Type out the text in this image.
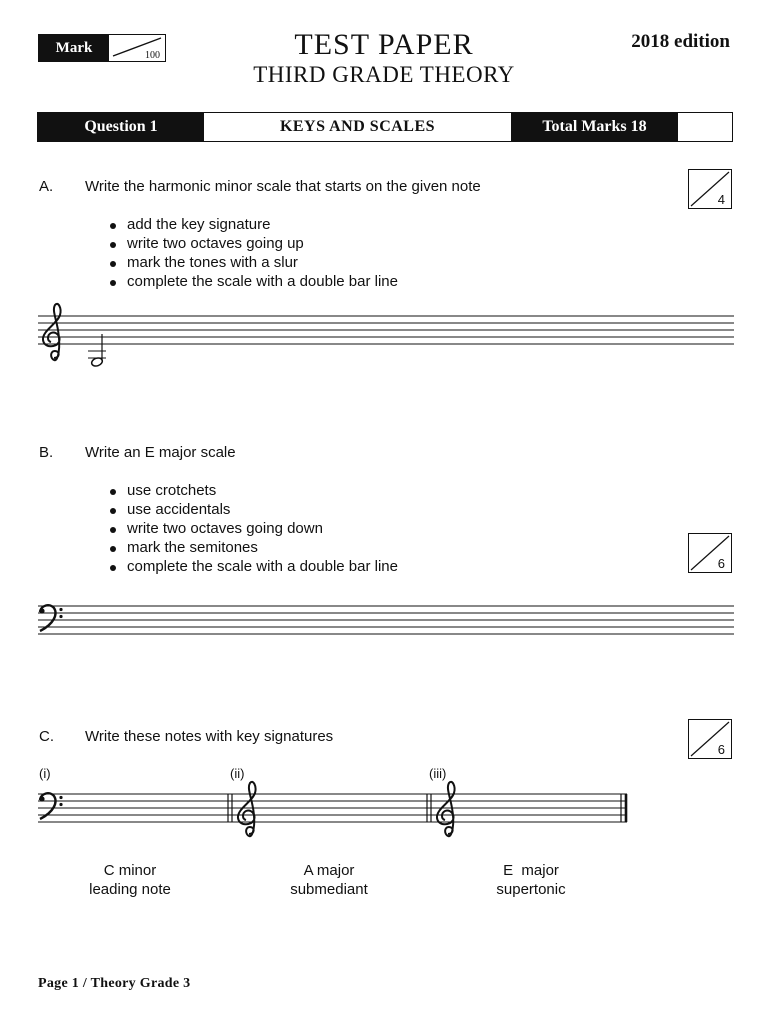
Mark	100	TEST PAPER
THIRD GRADE THEORY
2018 edition
Question 1	KEYS AND SCALES	Total Marks 18
A. Write the harmonic minor scale that starts on the given note
4
add the key signature
write two octaves going up
mark the tones with a slur
complete the scale with a double bar line
B. Write an E major scale
use crotchets
use accidentals
write two octaves going down
mark the semitones
complete the scale with a double bar line	6
C. Write these notes with key signatures
6
(i)	(ii)	(iii)
C minor
leading note
A major
submediant
E  major
supertonic
Page 1 / Theory Grade 3
